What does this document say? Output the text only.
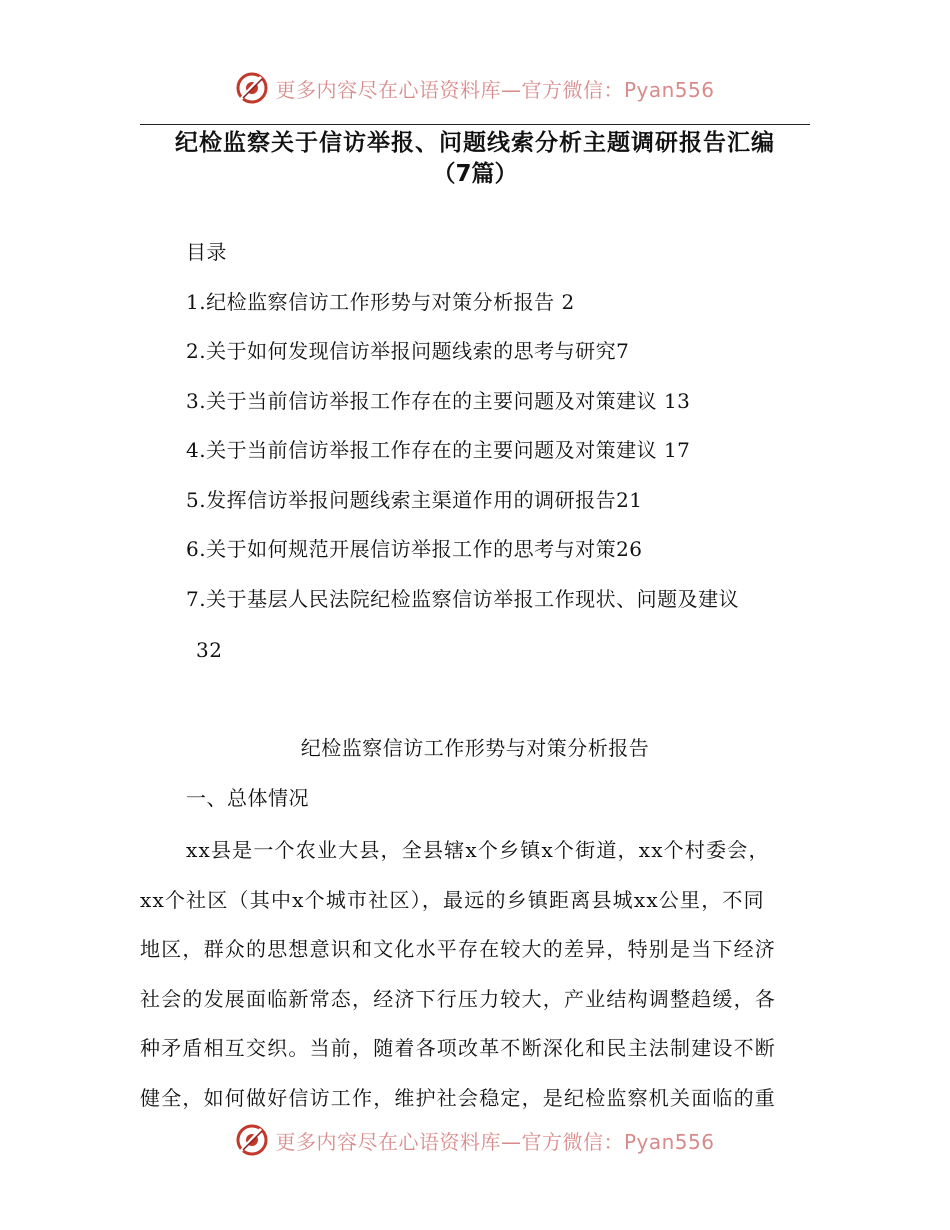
更多内容尽在心语资料库—官方微信：Pyan556
纪检监察关于信访举报、问题线索分析主题调研报告汇编
（7篇）
目录
1.纪检监察信访工作形势与对策分析报告 2
2.关于如何发现信访举报问题线索的思考与研究7
3.关于当前信访举报工作存在的主要问题及对策建议 13
4.关于当前信访举报工作存在的主要问题及对策建议 17
5.发挥信访举报问题线索主渠道作用的调研报告21
6.关于如何规范开展信访举报工作的思考与对策26
7.关于基层人民法院纪检监察信访举报工作现状、问题及建议
32
纪检监察信访工作形势与对策分析报告
一、总体情况
xx县是一个农业大县，全县辖x个乡镇x个街道，xx个村委会，
xx个社区（其中x个城市社区），最远的乡镇距离县城xx公里，不同
地区，群众的思想意识和文化水平存在较大的差异，特别是当下经济
社会的发展面临新常态，经济下行压力较大，产业结构调整趋缓，各
种矛盾相互交织。当前，随着各项改革不断深化和民主法制建设不断
健全，如何做好信访工作，维护社会稳定，是纪检监察机关面临的重
更多内容尽在心语资料库—官方微信：Pyan556
